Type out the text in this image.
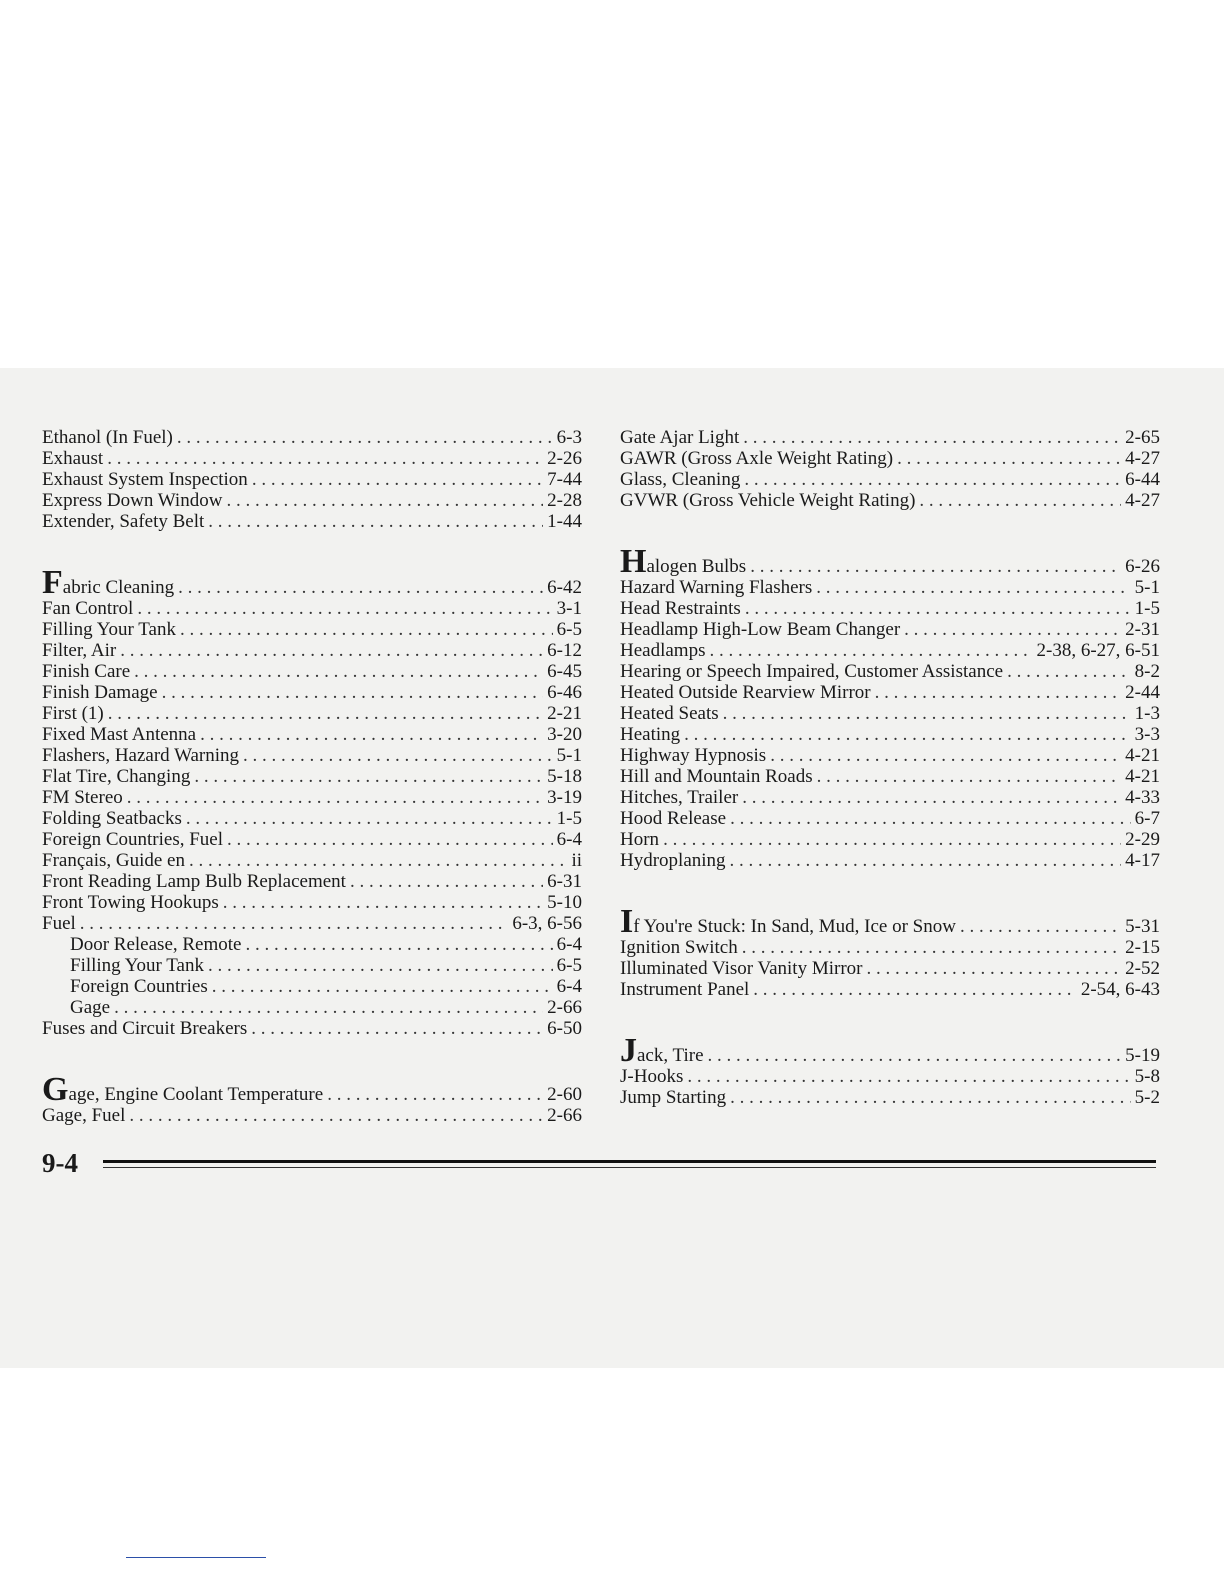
Ethanol (In Fuel) . . .	6-3
Exhaust . . .	2-26
Exhaust System Inspection . . .	7-44
Express Down Window . . .	2-28
Extender, Safety Belt . . .	1-44
Fabric Cleaning . . .	6-42
Fan Control . . .	3-1
Filling Your Tank . . .	6-5
Filter, Air . . .	6-12
Finish Care . . .	6-45
Finish Damage . . .	6-46
First (1) . . .	2-21
Fixed Mast Antenna . . .	3-20
Flashers, Hazard Warning . . .	5-1
Flat Tire, Changing . . .	5-18
FM Stereo . . .	3-19
Folding Seatbacks . . .	1-5
Foreign Countries, Fuel . . .	6-4
Français, Guide en . . .	ii
Front Reading Lamp Bulb Replacement . . .	6-31
Front Towing Hookups . . .	5-10
Fuel . . .	6-3, 6-56
Door Release, Remote . . .	6-4
Filling Your Tank . . .	6-5
Foreign Countries . . .	6-4
Gage . . .	2-66
Fuses and Circuit Breakers . . .	6-50
Gage, Engine Coolant Temperature . . .	2-60
Gage, Fuel . . .	2-66
Gate Ajar Light . . .	2-65
GAWR (Gross Axle Weight Rating) . . .	4-27
Glass, Cleaning . . .	6-44
GVWR (Gross Vehicle Weight Rating) . . .	4-27
Halogen Bulbs . . .	6-26
Hazard Warning Flashers . . .	5-1
Head Restraints . . .	1-5
Headlamp High-Low Beam Changer . . .	2-31
Headlamps . . .	2-38, 6-27, 6-51
Hearing or Speech Impaired, Customer Assistance . . .	8-2
Heated Outside Rearview Mirror . . .	2-44
Heated Seats . . .	1-3
Heating . . .	3-3
Highway Hypnosis . . .	4-21
Hill and Mountain Roads . . .	4-21
Hitches, Trailer . . .	4-33
Hood Release . . .	6-7
Horn . . .	2-29
Hydroplaning . . .	4-17
If You're Stuck: In Sand, Mud, Ice or Snow . . .	5-31
Ignition Switch . . .	2-15
Illuminated Visor Vanity Mirror . . .	2-52
Instrument Panel . . .	2-54, 6-43
Jack, Tire . . .	5-19
J-Hooks . . .	5-8
Jump Starting . . .	5-2
9-4
